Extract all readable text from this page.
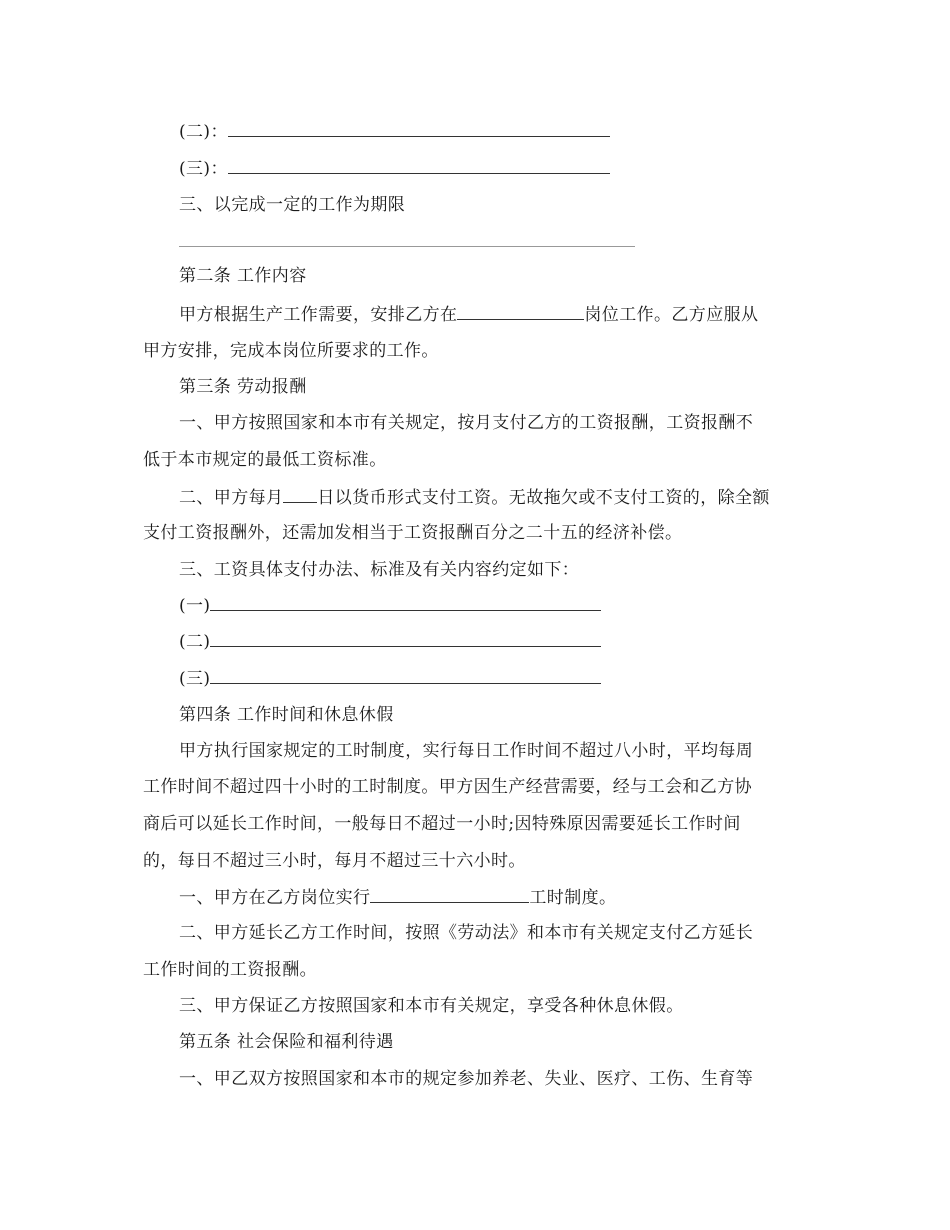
(二)：
(三)：
三、以完成一定的工作为期限
第二条 工作内容
甲方根据生产工作需要，安排乙方在	岗位工作。乙方应服从
甲方安排，完成本岗位所要求的工作。
第三条 劳动报酬
一、甲方按照国家和本市有关规定，按月支付乙方的工资报酬，工资报酬不
低于本市规定的最低工资标准。
二、甲方每月 日以货币形式支付工资。无故拖欠或不支付工资的，除全额
支付工资报酬外，还需加发相当于工资报酬百分之二十五的经济补偿。
三、工资具体支付办法、标准及有关内容约定如下：
(一)
(二)
(三)
第四条 工作时间和休息休假
甲方执行国家规定的工时制度，实行每日工作时间不超过八小时，平均每周
工作时间不超过四十小时的工时制度。甲方因生产经营需要，经与工会和乙方协
商后可以延长工作时间，一般每日不超过一小时;因特殊原因需要延长工作时间
的，每日不超过三小时，每月不超过三十六小时。
一、甲方在乙方岗位实行	工时制度。
二、甲方延长乙方工作时间，按照《劳动法》和本市有关规定支付乙方延长
工作时间的工资报酬。
三、甲方保证乙方按照国家和本市有关规定，享受各种休息休假。
第五条 社会保险和福利待遇
一、甲乙双方按照国家和本市的规定参加养老、失业、医疗、工伤、生育等
